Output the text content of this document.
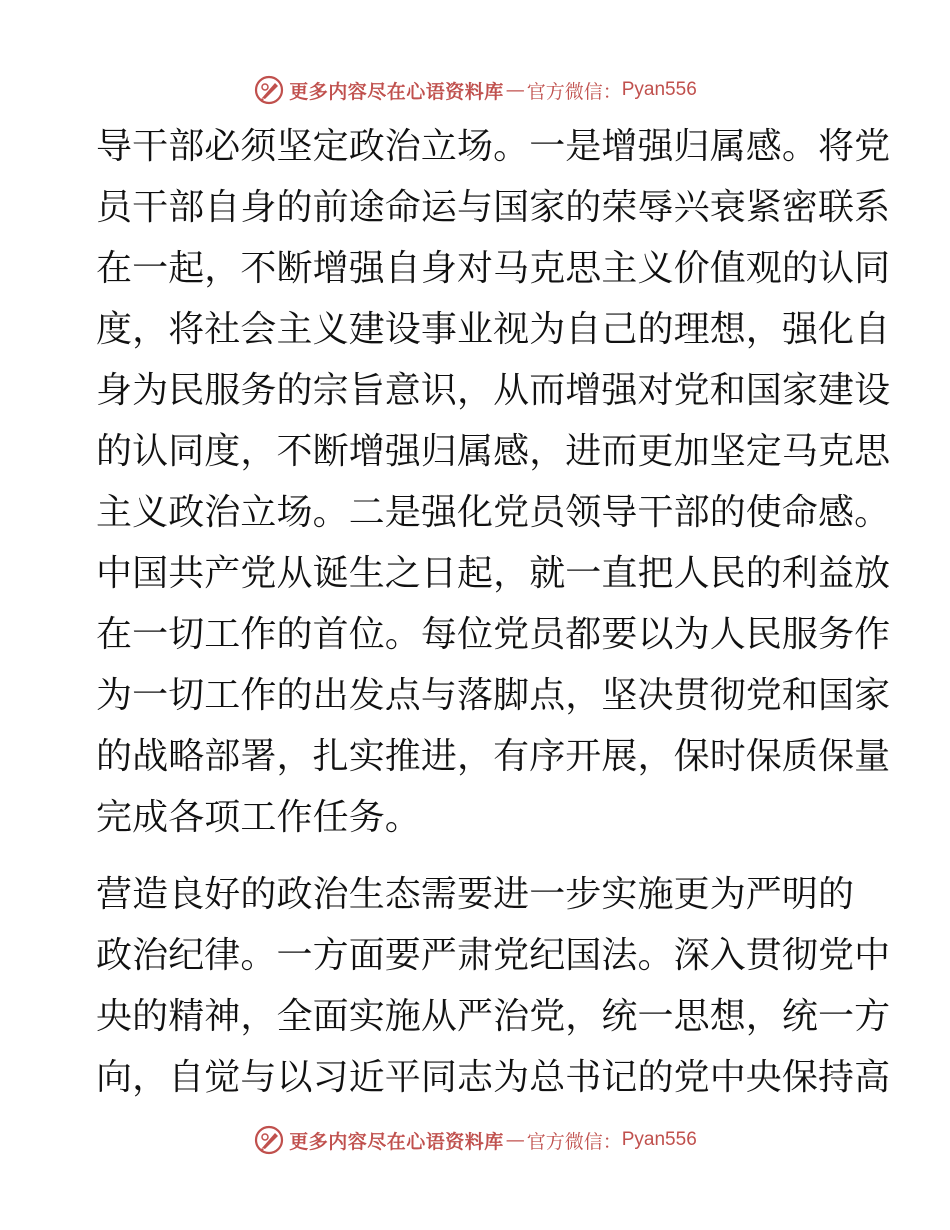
更多内容尽在心语资料库 — 官方微信： Pyan556

导干部必须坚定政治立场。一是增强归属感。将党
员干部自身的前途命运与国家的荣辱兴衰紧密联系
在一起，不断增强自身对马克思主义价值观的认同
度，将社会主义建设事业视为自己的理想，强化自
身为民服务的宗旨意识，从而增强对党和国家建设
的认同度，不断增强归属感，进而更加坚定马克思
主义政治立场。二是强化党员领导干部的使命感。
中国共产党从诞生之日起，就一直把人民的利益放
在一切工作的首位。每位党员都要以为人民服务作
为一切工作的出发点与落脚点，坚决贯彻党和国家
的战略部署，扎实推进，有序开展，保时保质保量
完成各项工作任务。

营造良好的政治生态需要进一步实施更为严明的
政治纪律。一方面要严肃党纪国法。深入贯彻党中
央的精神，全面实施从严治党，统一思想，统一方
向，自觉与以习近平同志为总书记的党中央保持高

更多内容尽在心语资料库 — 官方微信： Pyan556
